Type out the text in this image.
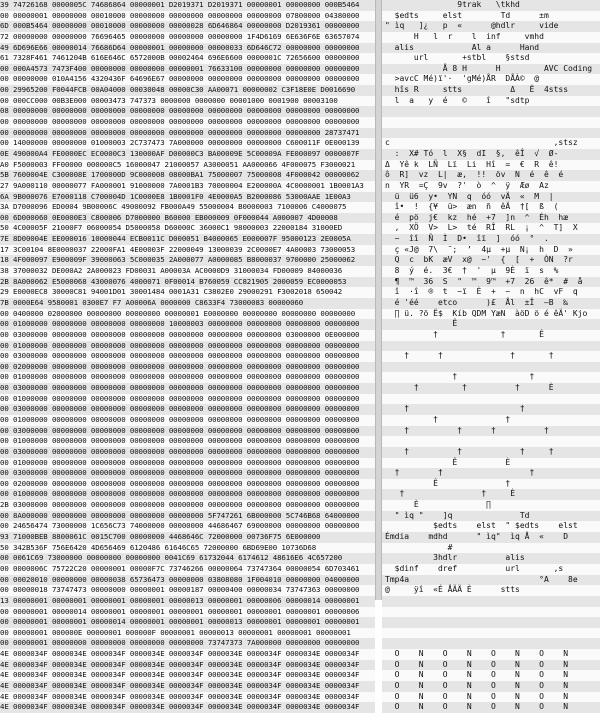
39 74726168 0000005C 74686864 00000001 D2019371 D2019371 00000001 00000000 000B5464
00 00000001 00000000 00010000 00000000 00000000 00000000 00000000 07800000 04380000
6D 000B5464 00000000 00010000 00000000 00000028 6D646864 00000000 D2019361 00000000
72 00000000 00000000 76696465 00000000 00000000 00000000 1F4D6169 6E636F6E 63657074
49 6D696E66 00000014 76686D64 00000001 00000000 00000033 6D646C72 00000000 00000000
61 7328F461 7461204B 616E646C 6572000B 00002464 696E6600 0000001C 72656600 00000000
00 000A4573 7473F400 00000000 00000000 00000001 76633100 00000000 00000000 00000000
00 00000000 010A4156 4320436F 64696E67 00000000 00000000 00000000 00000000 00000000
00 29965200 F0044FCB 00A04000 00030048 00000C30 AA00071 00000002 C3F18E0E D0016690
00 000CC000 00B3E000 00003473 747373 0000000 0000000 00001000 0001900 00003100
08 00000000 00000000 00000000 00000000 00000000 00000000 00000000 00000000 00000000
00 00000000 00000000 00000000 00000000 00000000 00000000 00000000 00000000 00000000
00 00000000 00000000 00000000 00000000 00000000 00000000 00000000 00000000 28737471
00 14000000 00000000 01000003 2C737473 7A000000 00000000 00000000 C600011F 0E000139
0E 490000A4 FE0000EC EC0000C3 130000AF D00000C3 BA00009E 5C00009A FE000097 0000007F
A0 F5000003 FF00000 000000C5 16000047 21000057 A3000051 AA000066 4F000075 F3000021
5B 7600004E C300008E 1700000D 9C000008 08000BA1 75000007 75000008 4F000042 00000062
27 9A000110 00000077 FA000001 91000000 7A0001B3 70000004 E200000A 4C0000001 1B0001A3
6A 9B000076 E7000118 C700004D 1C0000E8 1B0001F0 4E0000A5 B2000086 53000AAE 1E00A3
3A D7000096 ED0004 9B00006C 49000092 FB000A49 55000004 B0000003 7100006 C4000075
00 6D000060 0E0000E3 C800006 D7000000 B60000 EB000009 0F000044 A000007 4D00008
50 4C00005F 21000F7 06000054 D5000058 D60000C 36000C1 98000003 22000184 31000ED
7E 8D00004E EE000016 10000044 ECB0011C D000051 B4000065 E000007F 95000123 2E0005A
17 3C00104 8E0000037 22000FA1 4E00003F 22000049 13000039 2C0000E7 4A00003 73000053
18 4F000097 E900009F 39000063 5C000035 2A000077 A0000085 B8000037 9700000 25000062
38 37000032 DE000A2 2A000023 FD00031 A00003A AC0000D9 31000034 FD00009 84000036
2B 8A000062 E5000068 43000076 4000071 0F00014 B760059 CC821905 2000059 EC0000053
29 E0000EC8 30000C81 94001D01 30001484 0001A31 C3802E0 29000291 F3002018 650042
7B 0000E64 9580001 0300E7 F7 A00006A 0000000 C8633F4 73000083 00000060
00 0400000 02000000 00000000 00000000 00000001 E0000000 00000000 00000000 00000000
00 01000000 00000000 00000000 00000000 10000003 00000000 00000000 00000000 00000000
00 03000000 00000000 00000000 00000000 00000000 00000000 00000000 03000000 0E000000
00 01000000 00000000 00000000 00000000 00000000 00000000 00000000 00000000 00000000
00 03000000 00000000 00000000 00000000 00000000 00000000 00000000 00000000 00000000
00 02000000 00000000 00000000 00000000 00000000 00000000 00000000 00000000 00000000
00 01000000 00000000 00000000 00000000 00000000 00000000 00000000 00000000 00000000
00 03000000 00000000 00000000 00000000 00000000 00000000 00000000 00000000 00000000
00 01000000 00000000 00000000 00000000 00000000 00000000 00000000 00000000 00000000
00 03000000 00000000 00000000 00000000 00000000 00000000 00000000 00000000 00000000
00 01000000 00000000 00000000 00000000 00000000 00000000 00000000 00000000 00000000
00 03000000 00000000 00000000 00000000 00000000 00000000 00000000 00000000 00000000
00 01000000 00000000 00000000 00000000 00000000 00000000 00000000 00000000 00000000
00 03000000 00000000 00000000 00000000 00000000 00000000 00000000 00000000 00000000
00 01000000 00000000 00000000 00000000 00000000 00000000 00000000 00000000 00000000
00 03000000 00000000 00000000 00000000 00000000 00000000 00000000 00000000 00000000
00 02000000 00000000 00000000 00000000 00000000 00000000 00000000 00000000 00000000
00 01000000 00000000 00000000 00000000 00000000 00000000 00000000 00000000 00000000
2B 03000000 00000000 00000000 00000000 00000000 00000000 00000000 00000000 00000000
00 8A000000 00000000 00000000 00000000 00000000 5F747261 6B000000 5C746B68 64000000
00 24656474 73000000 1C656C73 74000000 00000000 44686467 69000000 00000000 00000000
93 71000BEB 8800061C 0015C700 00000000 4468646C 72000000 00736F75 6E000000
50 342B536F 756E6420 4D656469 6120486 61646C65 72000000 6BD69E00 10736D68
00 0061C69 73000000 00000000 00000000 0041C69 61732044 6174612 48616E6 4C657200
00 0000006C 75722C20 00000001 00000F7C 73746266 00000064 73747364 00000054 6D703461
00 00020010 00000000 00000038 65736473 00000000 03808080 1F004010 00000000 04000000
00 00000018 73747473 00000000 00000001 00000187 00000400 00000034 73747363 00000000
13 00000001 00000001 00000001 00000001 00000013 00000001 00000006 00000014 00000001
00 00000001 00000014 00000001 00000001 00000001 00000001 00000001 00000001 00000006
00 00000001 00000001 00000014 00000001 00000001 00000013 00000001 00000001 00000001
00 00000001 000000E 00000001 000000F 00000001 00000013 00000001 00000001 00000001
00 00000001 00000000 00000000 00000000 00000000 73747373 7A000000 00000000 00000000
4E 0000034F 0000034E 0000034F 0000034E 0000034F 0000034E 0000034F 0000034E 0000034F
4E 0000034F 0000034E 0000034F 0000034E 0000034F 0000034E 0000034F 0000034E 0000034F
4E 0000034F 0000034E 0000034F 0000034E 0000034F 0000034E 0000034F 0000034E 0000034F
4E 0000034F 0000034E 0000034F 0000034E 0000034F 0000034E 0000034F 0000034E 0000034F
4E 0000034F 0000034E 0000034F 0000034E 0000034F 0000034E 0000034F 0000034E 0000034F
4E 0000034F 0000034E 0000034F 0000034E 0000034F 0000034E 0000034F 0000034E 0000034F
9trak   \tkhd
$edts     elst        Td      ±m
" ìq   ]¿   p  «      @hdlr     vide
H   l  r    l  inf     vmhd
alis            Al a      Hand
url       +stbl    §stsd
Å 8 H      H         AVC Coding
>avcC Mé)ï'·  'gMé)ÅR  DÅÀ©  @
hîs R     stts          Δ   Ë  4stss
l  a   y  é   ©    î   "sdtp

c                                  ,stsz
:  X# Tó  l  X§  dI  §,  êÎ  √  Ø-
Δ  Yê k  LÑ  Lï  Li  Hî  =  €  R  ê!
ô  R]  vz  L|  æ,  !!  öv  N  é  ê  é
n  YR  =Ç  9v  ?'  ò  ^  ÿ  Æø  Az
ü  ü6  y•  YN  q  óó  vÄ  «  M  |
î•  !  {¥  ü>  æn  ñ  êÄ  †[  ß  (
é  pö  j€  kz  hé  +7  ]n  ^  Éh  hæ
,  XÖ  V>  L>  té  RÎ  RL  ¡  ^  T]  X
~  îî  Ñ  Ì  D•  îï  ]  óó  °  .
ç «J@  7\  ˜;  ’  4µ  +µ  N¡  h  D  »
Q  c  bK  æV  x@  ~'  {  [  +  ÒN  ?r
8  ý  é.  3€  †  '  µ  9È  ï  s  %
¶  ™  36  S  "  ™  9™  +7  26  ê*  #  å
î  ·î  ®  t  ~ï  È  +  ~  n  hC  vF  q
é 'éé    etco      )£  Ål  ±Î  –B  ‰
∏ ü. ?ö Ë$  Kíb QDM YæN  àöD ö é êÄ' Kjo
Ê
†             †       Ê

†      †              †       †

†               †
†         †          †      È

†                       †
†              †
†          †      †          †

†          †            †     †
Ê          È
†        †                  †
Ê              †
†                †     È
È              ∏
" ìq "    ]q              Td
$edts    elst  " $edts    elst
Émdia    mdhd      " ìq"  ìq Å  «    D
#
3hdlr          alis
$dinf    dref          url       ,s
Tmp4a                           °A    8e
@     ÿî  «É ÅÄÄ È      stts

O    N    O    N    O    N    O    N
O    N    O    N    O    N    O    N
O    N    O    N    O    N    O    N
O    N    O    N    O    N    O    N
O    N    O    N    O    N    O    N
O    N    O    N    O    N    O    N
